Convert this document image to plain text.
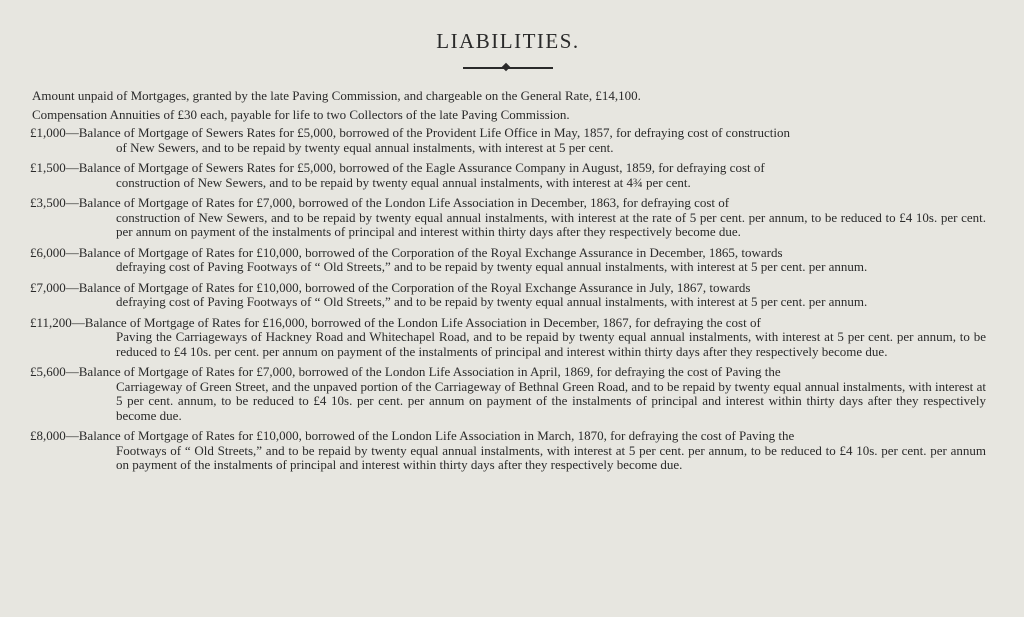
LIABILITIES.
Amount unpaid of Mortgages, granted by the late Paving Commission, and chargeable on the General Rate, £14,100.
Compensation Annuities of £30 each, payable for life to two Collectors of the late Paving Commission.
£1,000—Balance of Mortgage of Sewers Rates for £5,000, borrowed of the Provident Life Office in May, 1857, for defraying cost of construction
of New Sewers, and to be repaid by twenty equal annual instalments, with interest at 5 per cent.
£1,500—Balance of Mortgage of Sewers Rates for £5,000, borrowed of the Eagle Assurance Company in August, 1859, for defraying cost of
construction of New Sewers, and to be repaid by twenty equal annual instalments, with interest at 4¾ per cent.
£3,500—Balance of Mortgage of Rates for £7,000, borrowed of the London Life Association in December, 1863, for defraying cost of
construction of New Sewers, and to be repaid by twenty equal annual instalments, with interest at the rate of 5 per cent. per annum, to be reduced to £4 10s. per cent. per annum on payment of the instalments of principal and interest within thirty days after they respectively become due.
£6,000—Balance of Mortgage of Rates for £10,000, borrowed of the Corporation of the Royal Exchange Assurance in December, 1865, towards
defraying cost of Paving Footways of “ Old Streets,” and to be repaid by twenty equal annual instalments, with interest at 5 per cent. per annum.
£7,000—Balance of Mortgage of Rates for £10,000, borrowed of the Corporation of the Royal Exchange Assurance in July, 1867, towards
defraying cost of Paving Footways of “ Old Streets,” and to be repaid by twenty equal annual instalments, with interest at 5 per cent. per annum.
£11,200—Balance of Mortgage of Rates for £16,000, borrowed of the London Life Association in December, 1867, for defraying the cost of
Paving the Carriageways of Hackney Road and Whitechapel Road, and to be repaid by twenty equal annual instalments, with interest at 5 per cent. per annum, to be reduced to £4 10s. per cent. per annum on payment of the instalments of principal and interest within thirty days after they respectively become due.
£5,600—Balance of Mortgage of Rates for £7,000, borrowed of the London Life Association in April, 1869, for defraying the cost of Paving the
Carriageway of Green Street, and the unpaved portion of the Carriageway of Bethnal Green Road, and to be repaid by twenty equal annual instalments, with interest at 5 per cent. annum, to be reduced to £4 10s. per cent. per annum on payment of the instalments of principal and interest within thirty days after they respectively become due.
£8,000—Balance of Mortgage of Rates for £10,000, borrowed of the London Life Association in March, 1870, for defraying the cost of Paving the
Footways of “ Old Streets,” and to be repaid by twenty equal annual instalments, with interest at 5 per cent. per annum, to be reduced to £4 10s. per cent. per annum on payment of the instalments of principal and interest within thirty days after they respectively become due.
